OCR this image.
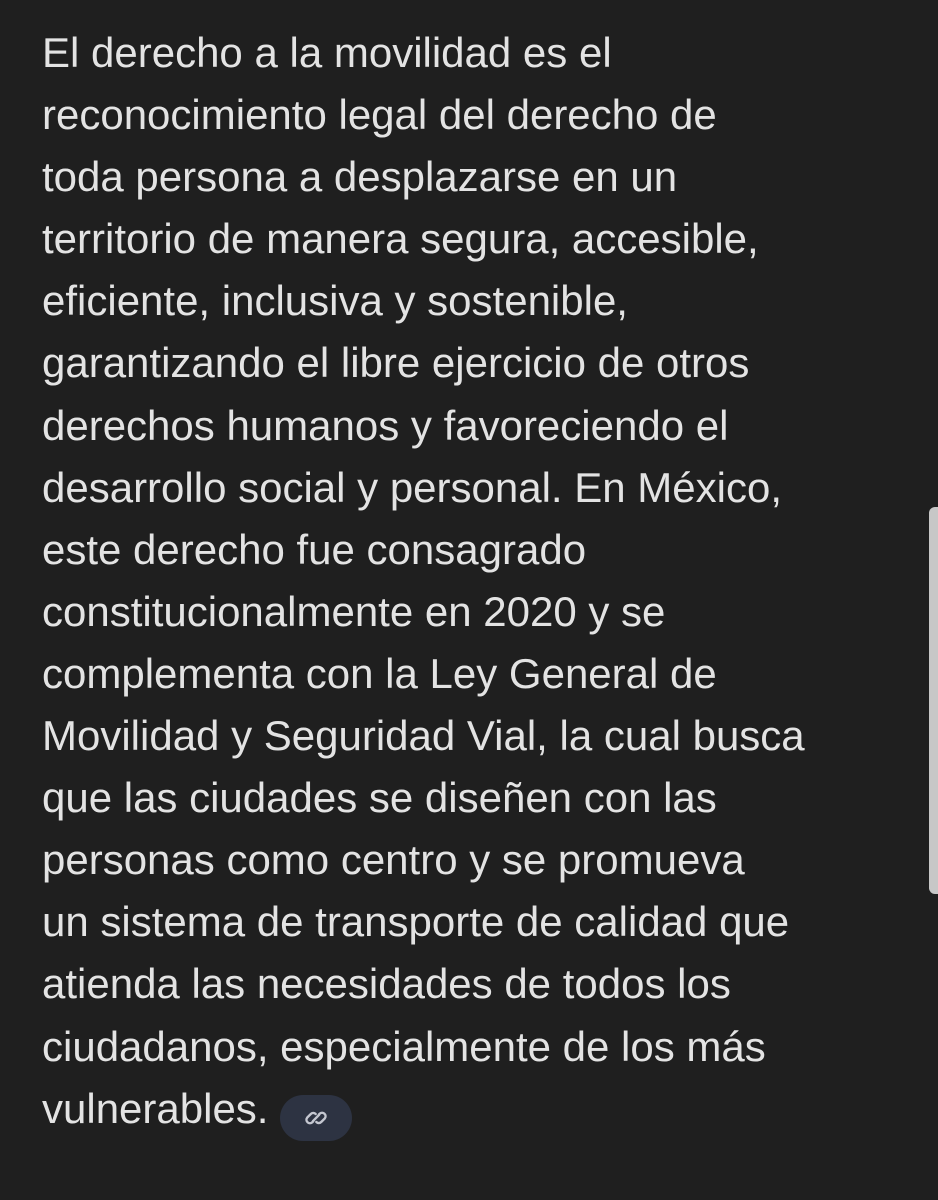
El derecho a la movilidad es el
reconocimiento legal del derecho de
toda persona a desplazarse en un
territorio de manera segura, accesible,
eficiente, inclusiva y sostenible,
garantizando el libre ejercicio de otros
derechos humanos y favoreciendo el
desarrollo social y personal. En México,
este derecho fue consagrado
constitucionalmente en 2020 y se
complementa con la Ley General de
Movilidad y Seguridad Vial, la cual busca
que las ciudades se diseñen con las
personas como centro y se promueva
un sistema de transporte de calidad que
atienda las necesidades de todos los
ciudadanos, especialmente de los más
vulnerables.
